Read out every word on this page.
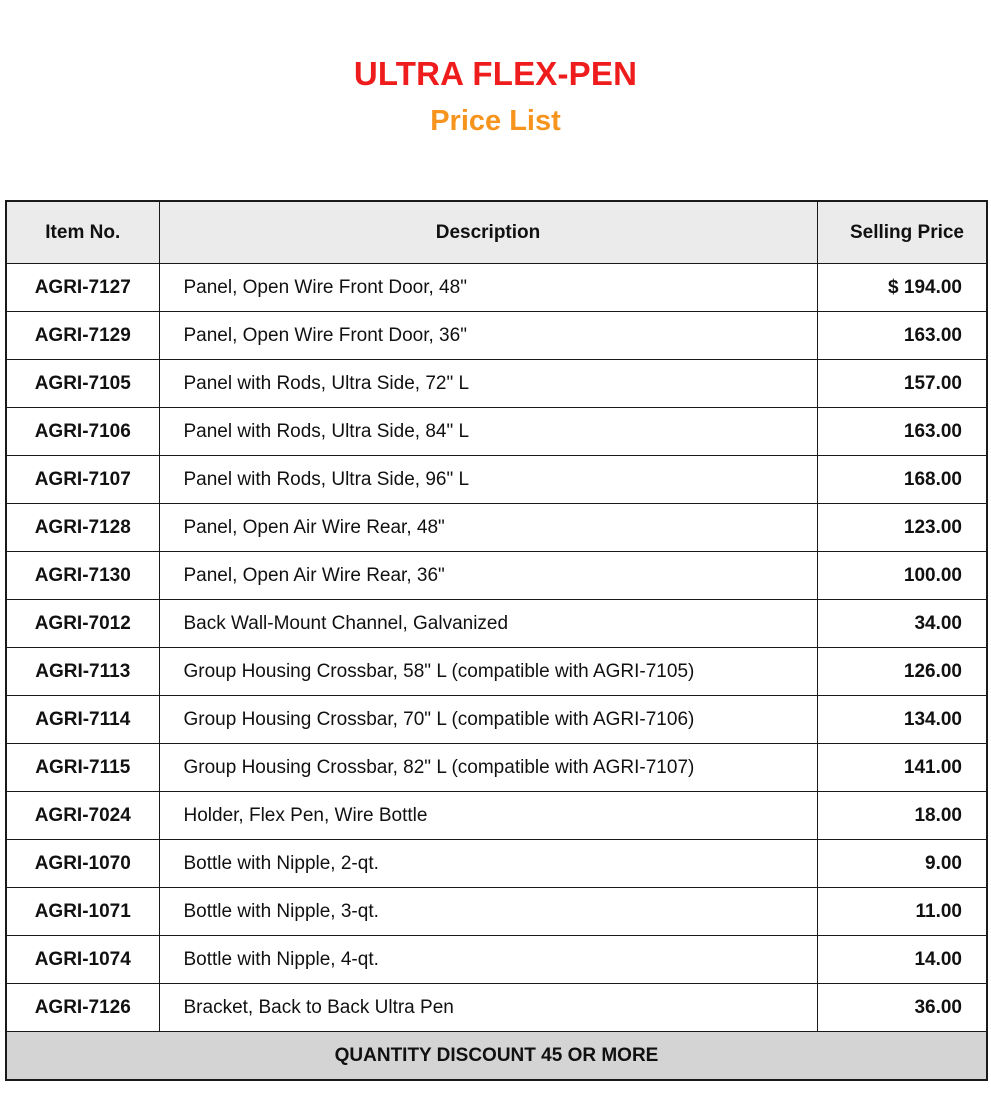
ULTRA FLEX-PEN
Price List
Item No.	Description	Selling Price
AGRI-7127	Panel, Open Wire Front Door, 48"	$ 194.00
AGRI-7129	Panel, Open Wire Front Door, 36"	163.00
AGRI-7105	Panel with Rods, Ultra Side, 72" L	157.00
AGRI-7106	Panel with Rods, Ultra Side, 84" L	163.00
AGRI-7107	Panel with Rods, Ultra Side, 96" L	168.00
AGRI-7128	Panel, Open Air Wire Rear, 48"	123.00
AGRI-7130	Panel, Open Air Wire Rear, 36"	100.00
AGRI-7012	Back Wall-Mount Channel, Galvanized	34.00
AGRI-7113	Group Housing Crossbar, 58" L (compatible with AGRI-7105)	126.00
AGRI-7114	Group Housing Crossbar, 70" L (compatible with AGRI-7106)	134.00
AGRI-7115	Group Housing Crossbar, 82" L (compatible with AGRI-7107)	141.00
AGRI-7024	Holder, Flex Pen, Wire Bottle	18.00
AGRI-1070	Bottle with Nipple, 2-qt.	9.00
AGRI-1071	Bottle with Nipple, 3-qt.	11.00
AGRI-1074	Bottle with Nipple, 4-qt.	14.00
AGRI-7126	Bracket, Back to Back Ultra Pen	36.00
QUANTITY DISCOUNT 45 OR MORE		
